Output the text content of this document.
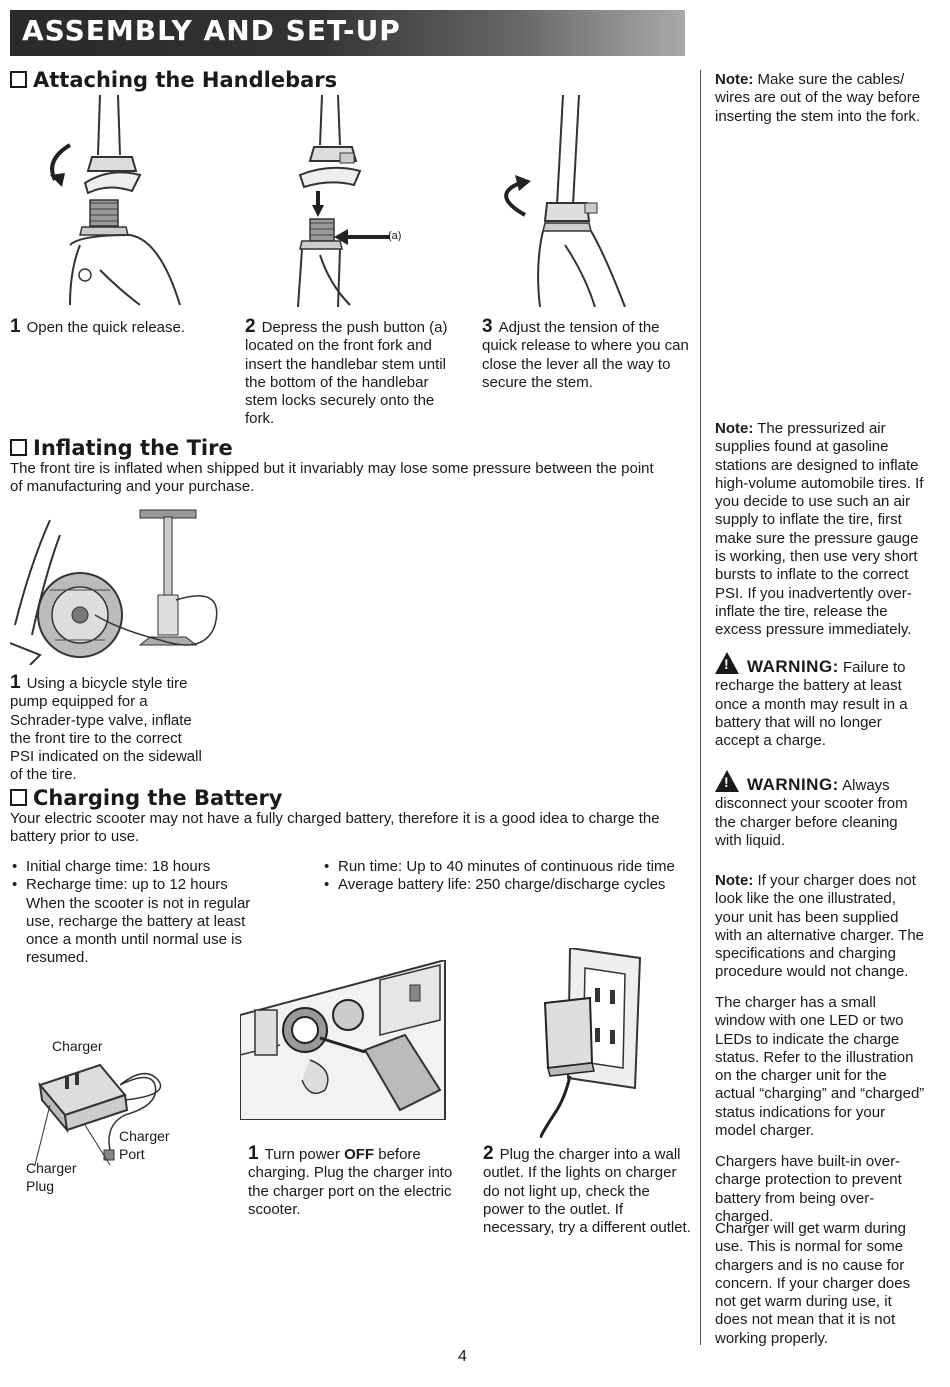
ASSEMBLY AND SET-UP
Attaching the Handlebars
(a)
1 Open the quick release.	2 Depress the push button (a) located on the front fork and insert the handlebar stem until the bottom of the handlebar stem locks securely onto the fork.
3 Adjust the tension of the quick release to where you can close the lever all the way to secure the stem.
Inflating the Tire
The front tire is inflated when shipped but it invariably may lose some pressure between the point of manufacturing and your purchase.
1 Using a bicycle style tire pump equipped for a Schrader-type valve, inflate the front tire to the correct PSI indicated on the sidewall of the tire.
Charging the Battery
Your electric scooter may not have a fully charged battery, therefore it is a good idea to charge the battery prior to use.
• Initial charge time: 18 hours
• Recharge time: up to 12 hours When the scooter is not in regular use, recharge the battery at least once a month until normal use is resumed.
• Run time: Up to 40 minutes of continuous ride time
• Average battery life: 250 charge/discharge cycles
Charger
Charger Port
Charger Plug
1 Turn power OFF before charging. Plug the charger into the charger port on the electric scooter.
2 Plug the charger into a wall outlet. If the lights on charger do not light up, check the power to the outlet. If necessary, try a different outlet.
Note: Make sure the cables/ wires are out of the way before inserting the stem into the fork.
Note: The pressurized air supplies found at gasoline stations are designed to inflate high-volume automobile tires. If you decide to use such an air supply to inflate the tire, first make sure the pressure gauge is working, then use very short bursts to inflate to the correct PSI. If you inadvertently over-inflate the tire, release the excess pressure immediately.
!WARNING: Failure to recharge the battery at least once a month may result in a battery that will no longer accept a charge.
!WARNING: Always disconnect your scooter from the charger before cleaning with liquid.
Note: If your charger does not look like the one illustrated, your unit has been supplied with an alternative charger. The specifications and charging procedure would not change.
The charger has a small window with one LED or two LEDs to indicate the charge status. Refer to the illustration on the charger unit for the actual “charging” and “charged” status indications for your model charger.
Chargers have built-in over-charge protection to prevent battery from being over-charged.
Charger will get warm during use. This is normal for some chargers and is no cause for concern. If your charger does not get warm during use, it does not mean that it is not working properly.
4
